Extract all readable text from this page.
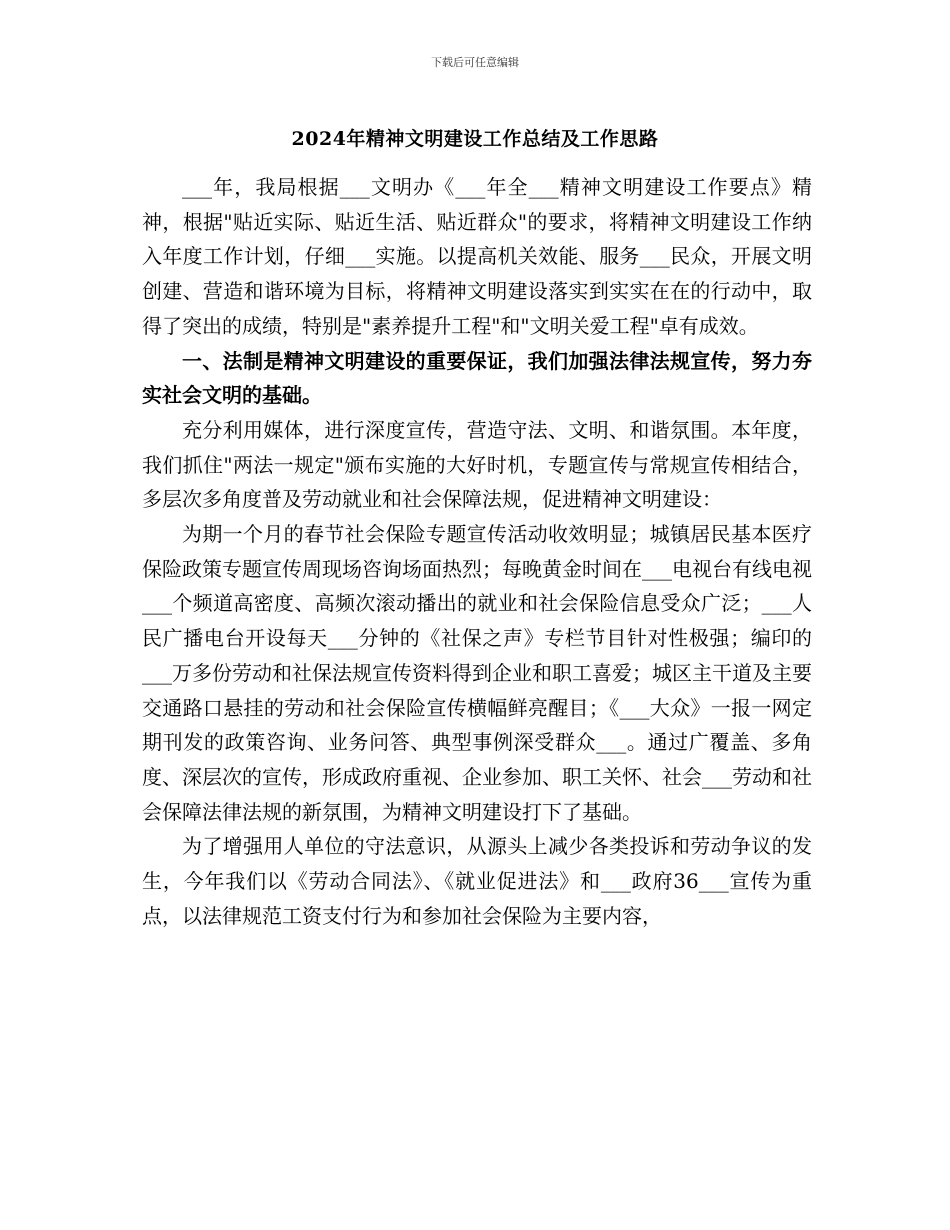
下载后可任意编辑
2024年精神文明建设工作总结及工作思路

___年，我局根据___文明办《___年全___精神文明建设工作要点》精神，根据"贴近实际、贴近生活、贴近群众"的要求，将精神文明建设工作纳入年度工作计划，仔细___实施。以提高机关效能、服务___民众，开展文明创建、营造和谐环境为目标，将精神文明建设落实到实实在在的行动中，取得了突出的成绩，特别是"素养提升工程"和"文明关爱工程"卓有成效。

一、法制是精神文明建设的重要保证，我们加强法律法规宣传，努力夯实社会文明的基础。

充分利用媒体，进行深度宣传，营造守法、文明、和谐氛围。本年度，我们抓住"两法一规定"颁布实施的大好时机，专题宣传与常规宣传相结合，多层次多角度普及劳动就业和社会保障法规，促进精神文明建设：

为期一个月的春节社会保险专题宣传活动收效明显；城镇居民基本医疗保险政策专题宣传周现场咨询场面热烈；每晚黄金时间在___电视台有线电视___个频道高密度、高频次滚动播出的就业和社会保险信息受众广泛；___人民广播电台开设每天___分钟的《社保之声》专栏节目针对性极强；编印的___万多份劳动和社保法规宣传资料得到企业和职工喜爱；城区主干道及主要交通路口悬挂的劳动和社会保险宣传横幅鲜亮醒目；《___大众》一报一网定期刊发的政策咨询、业务问答、典型事例深受群众___。通过广覆盖、多角度、深层次的宣传，形成政府重视、企业参加、职工关怀、社会___劳动和社会保障法律法规的新氛围，为精神文明建设打下了基础。

为了增强用人单位的守法意识，从源头上减少各类投诉和劳动争议的发生，今年我们以《劳动合同法》、《就业促进法》和___政府36___宣传为重点，以法律规范工资支付行为和参加社会保险为主要内容，
